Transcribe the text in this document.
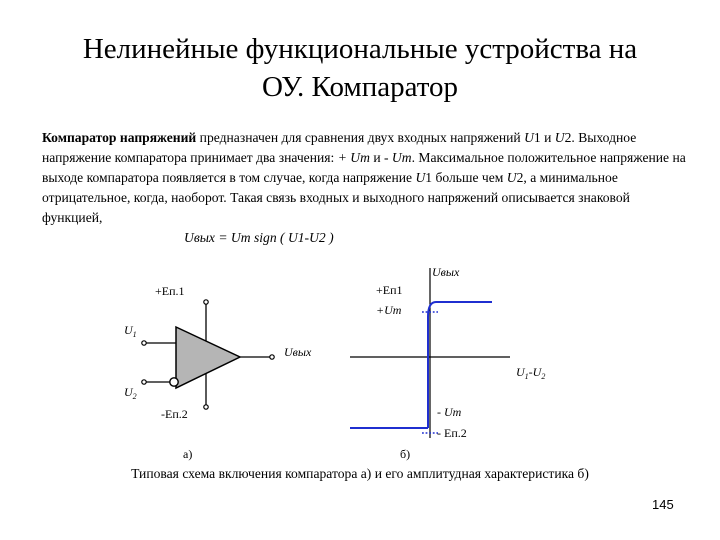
Нелинейные функциональные устройства на
ОУ. Компаратор
Компаратор напряжений предназначен для сравнения двух входных напряжений U1 и U2. Выходное напряжение компаратора принимает два значения: + Um и - Um. Максимальное положительное напряжение на выходе компаратора появляется в том случае, когда напряжение U1 больше чем U2, а минимальное отрицательное, когда, наоборот. Такая связь входных и выходного напряжений описывается знаковой функцией,
Uвых = Um sign ( U1-U2 )
+Еп.1
-Еп.2
$U_1$
$U_2$
Uвых
а)
Uвых
+Еп1
+Um
$U_1-U_2$
- Um
- Еп.2
б)
Типовая схема включения компаратора а) и его амплитудная характеристика б)
145
